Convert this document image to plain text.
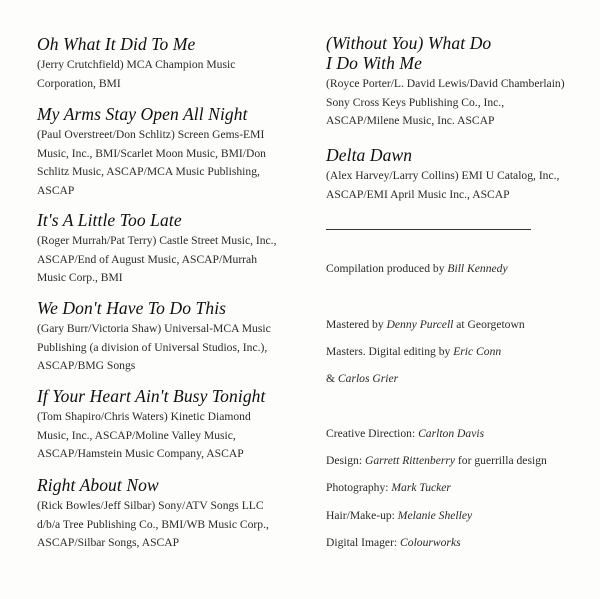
Oh What It Did To Me
(Jerry Crutchfield) MCA Champion Music
Corporation, BMI
My Arms Stay Open All Night
(Paul Overstreet/Don Schlitz) Screen Gems-EMI
Music, Inc., BMI/Scarlet Moon Music, BMI/Don
Schlitz Music, ASCAP/MCA Music Publishing,
ASCAP
It's A Little Too Late
(Roger Murrah/Pat Terry) Castle Street Music, Inc.,
ASCAP/End of August Music, ASCAP/Murrah
Music Corp., BMI
We Don't Have To Do This
(Gary Burr/Victoria Shaw) Universal-MCA Music
Publishing (a division of Universal Studios, Inc.),
ASCAP/BMG Songs
If Your Heart Ain't Busy Tonight
(Tom Shapiro/Chris Waters) Kinetic Diamond
Music, Inc., ASCAP/Moline Valley Music,
ASCAP/Hamstein Music Company, ASCAP
Right About Now
(Rick Bowles/Jeff Silbar) Sony/ATV Songs LLC
d/b/a Tree Publishing Co., BMI/WB Music Corp.,
ASCAP/Silbar Songs, ASCAP
(Without You) What Do
I Do With Me
(Royce Porter/L. David Lewis/David Chamberlain)
Sony Cross Keys Publishing Co., Inc.,
ASCAP/Milene Music, Inc. ASCAP
Delta Dawn
(Alex Harvey/Larry Collins) EMI U Catalog, Inc.,
ASCAP/EMI April Music Inc., ASCAP
Compilation produced by Bill Kennedy
Mastered by Denny Purcell at Georgetown
Masters. Digital editing by Eric Conn
& Carlos Grier
Creative Direction: Carlton Davis
Design: Garrett Rittenberry for guerrilla design
Photography: Mark Tucker
Hair/Make-up: Melanie Shelley
Digital Imager: Colourworks
